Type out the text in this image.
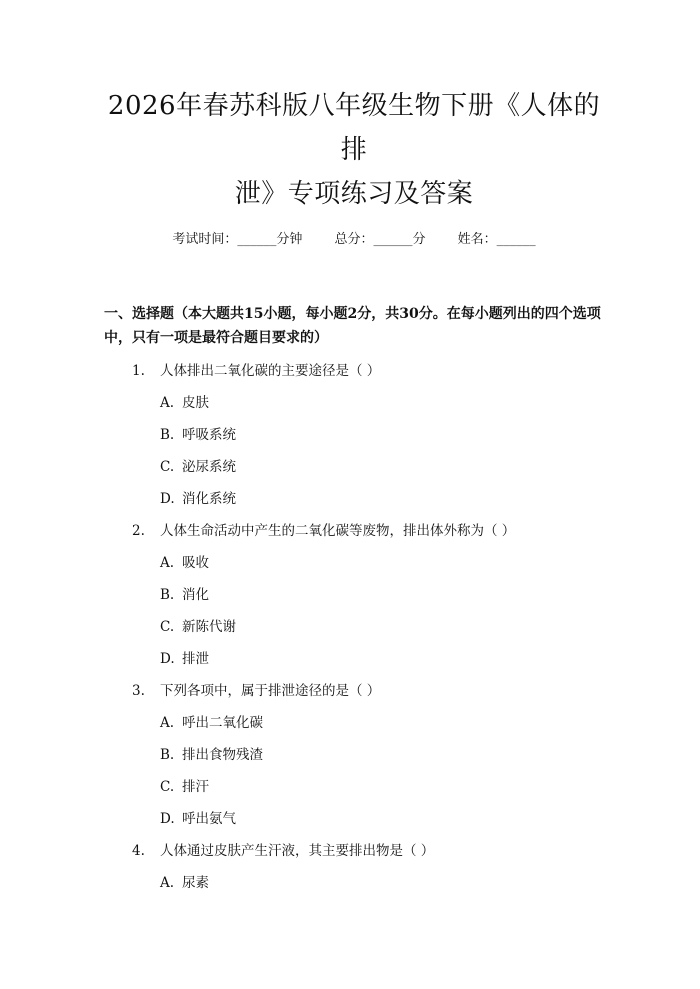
2026年春苏科版八年级生物下册《人体的排
泄》专项练习及答案
考试时间：______分钟 总分：______分 姓名：______
一、选择题（本大题共15小题，每小题2分，共30分。在每小题列出的四个选项中，只有一项是最符合题目要求的）
1.	人体排出二氧化碳的主要途径是（ ）
A. 皮肤
B. 呼吸系统
C. 泌尿系统
D. 消化系统
2.	人体生命活动中产生的二氧化碳等废物，排出体外称为（ ）
A. 吸收
B. 消化
C. 新陈代谢
D. 排泄
3.	下列各项中，属于排泄途径的是（ ）
A. 呼出二氧化碳
B. 排出食物残渣
C. 排汗
D. 呼出氨气
4.	人体通过皮肤产生汗液，其主要排出物是（ ）
A. 尿素
